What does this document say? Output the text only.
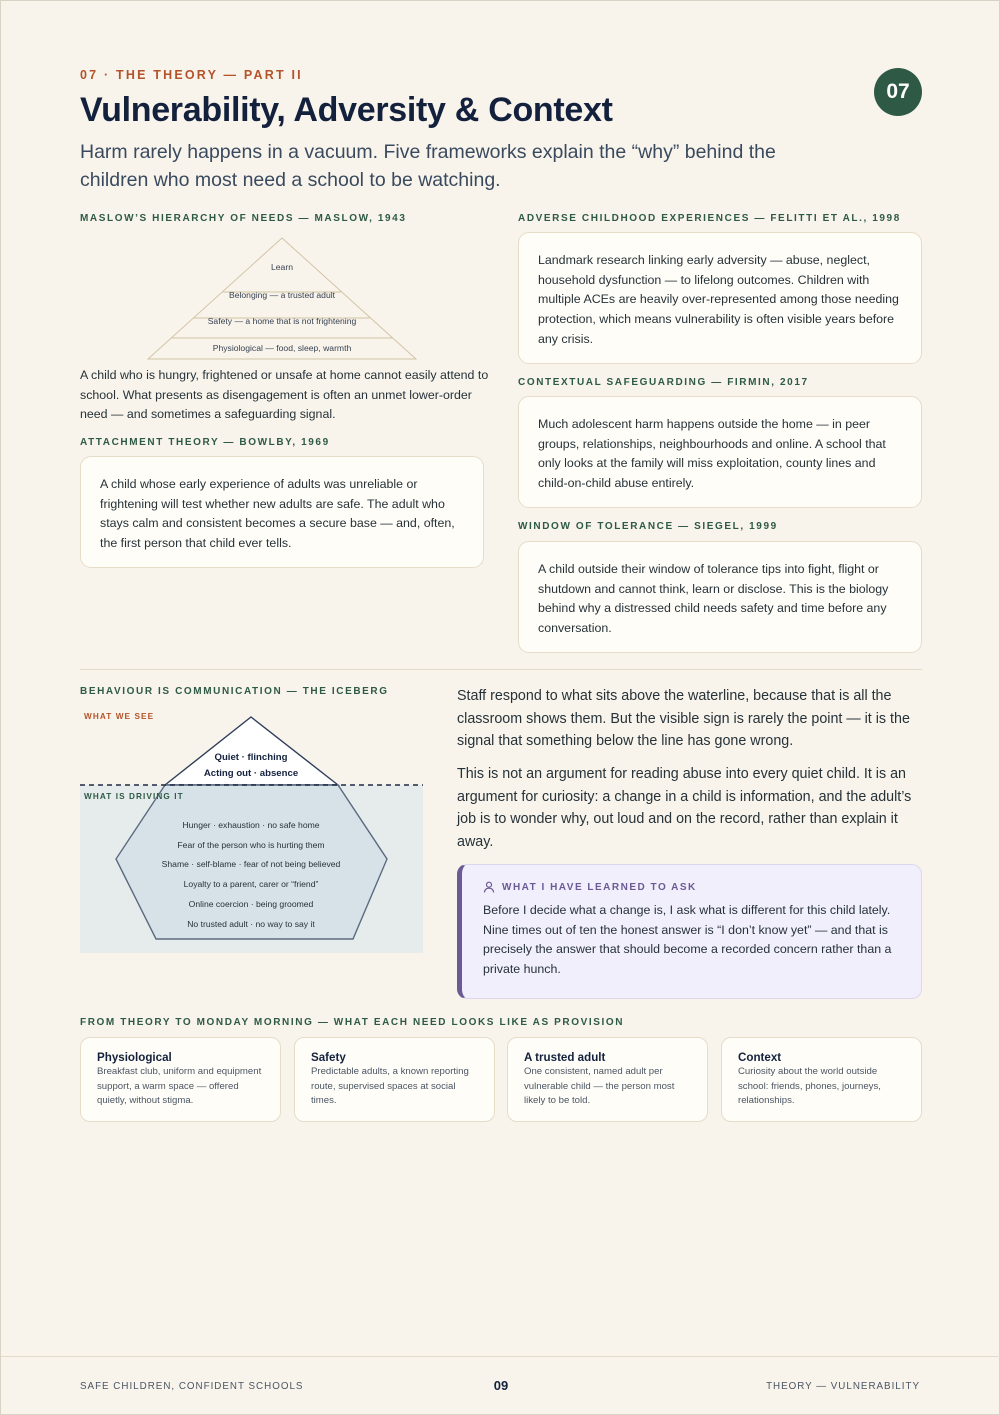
07 · THE THEORY — PART II
07
Vulnerability, Adversity & Context

Harm rarely happens in a vacuum. Five frameworks explain the “why” behind the children who most need a school to be watching.

MASLOW’S HIERARCHY OF NEEDS — MASLOW, 1943
Learn
Belonging — a trusted adult
Safety — a home that is not frightening
Physiological — food, sleep, warmth
A child who is hungry, frightened or unsafe at home cannot easily attend to school. What presents as disengagement is often an unmet lower-order need — and sometimes a safeguarding signal.
ATTACHMENT THEORY — BOWLBY, 1969
A child whose early experience of adults was unreliable or frightening will test whether new adults are safe. The adult who stays calm and consistent becomes a secure base — and, often, the first person that child ever tells.
ADVERSE CHILDHOOD EXPERIENCES — FELITTI ET AL., 1998
Landmark research linking early adversity — abuse, neglect, household dysfunction — to lifelong outcomes. Children with multiple ACEs are heavily over-represented among those needing protection, which means vulnerability is often visible years before any crisis.
CONTEXTUAL SAFEGUARDING — FIRMIN, 2017
Much adolescent harm happens outside the home — in peer groups, relationships, neighbourhoods and online. A school that only looks at the family will miss exploitation, county lines and child-on-child abuse entirely.
WINDOW OF TOLERANCE — SIEGEL, 1999
A child outside their window of tolerance tips into fight, flight or shutdown and cannot think, learn or disclose. This is the biology behind why a distressed child needs safety and time before any conversation.
BEHAVIOUR IS COMMUNICATION — THE ICEBERG
WHAT WE SEE
WHAT IS DRIVING IT
Quiet · flinching
Acting out · absence
Hunger · exhaustion · no safe home
Fear of the person who is hurting them
Shame · self-blame · fear of not being believed
Loyalty to a parent, carer or “friend”
Online coercion · being groomed
No trusted adult · no way to say it

Staff respond to what sits above the waterline, because that is all the classroom shows them. But the visible sign is rarely the point — it is the signal that something below the line has gone wrong.

This is not an argument for reading abuse into every quiet child. It is an argument for curiosity: a change in a child is information, and the adult’s job is to wonder why, out loud and on the record, rather than explain it away.

WHAT I HAVE LEARNED TO ASK
Before I decide what a change is, I ask what is different for this child lately. Nine times out of ten the honest answer is “I don’t know yet” — and that is precisely the answer that should become a recorded concern rather than a private hunch.
FROM THEORY TO MONDAY MORNING — WHAT EACH NEED LOOKS LIKE AS PROVISION
Physiological
Breakfast club, uniform and equipment support, a warm space — offered quietly, without stigma.
Safety
Predictable adults, a known reporting route, supervised spaces at social times.
A trusted adult
One consistent, named adult per vulnerable child — the person most likely to be told.
Context
Curiosity about the world outside school: friends, phones, journeys, relationships.
SAFE CHILDREN, CONFIDENT SCHOOLS	09	THEORY — VULNERABILITY
